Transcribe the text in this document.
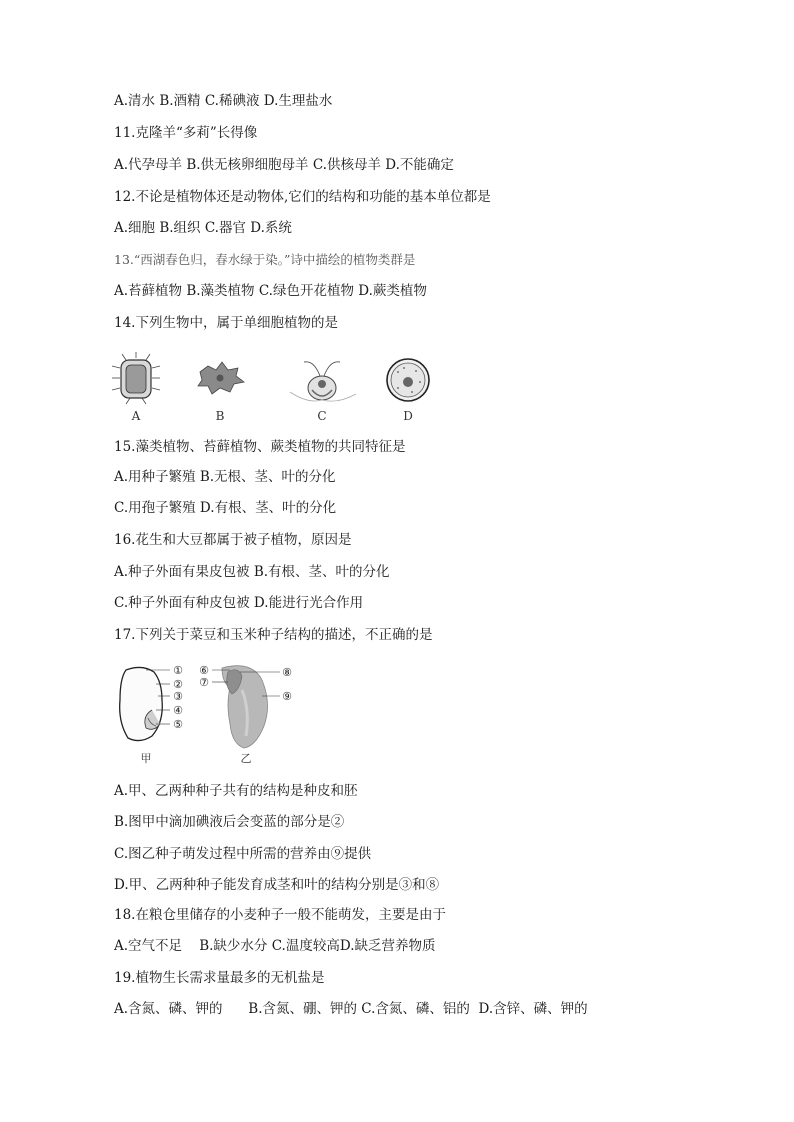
A.清水 B.酒精 C.稀碘液 D.生理盐水
11.克隆羊“多莉”长得像
A.代孕母羊 B.供无核卵细胞母羊 C.供核母羊 D.不能确定
12.不论是植物体还是动物体,它们的结构和功能的基本单位都是
A.细胞 B.组织 C.器官 D.系统
13.“西湖春色归，春水绿于染。”诗中描绘的植物类群是
A.苔藓植物 B.藻类植物 C.绿色开花植物 D.蕨类植物
14.下列生物中，属于单细胞植物的是
A	B	C	D
15.藻类植物、苔藓植物、蕨类植物的共同特征是
A.用种子繁殖 B.无根、茎、叶的分化
C.用孢子繁殖 D.有根、茎、叶的分化
16.花生和大豆都属于被子植物，原因是
A.种子外面有果皮包被 B.有根、茎、叶的分化
C.种子外面有种皮包被 D.能进行光合作用
17.下列关于菜豆和玉米种子结构的描述，不正确的是
①
②
③
④
⑤
⑥
⑦
⑧
⑨
甲	乙
A.甲、乙两种种子共有的结构是种皮和胚
B.图甲中滴加碘液后会变蓝的部分是②
C.图乙种子萌发过程中所需的营养由⑨提供
D.甲、乙两种种子能发育成茎和叶的结构分别是③和⑧
18.在粮仓里储存的小麦种子一般不能萌发，主要是由于
A.空气不足    B.缺少水分 C.温度较高D.缺乏营养物质
19.植物生长需求量最多的无机盐是
A.含氮、磷、钾的      B.含氮、硼、钾的 C.含氮、磷、铝的  D.含锌、磷、钾的
